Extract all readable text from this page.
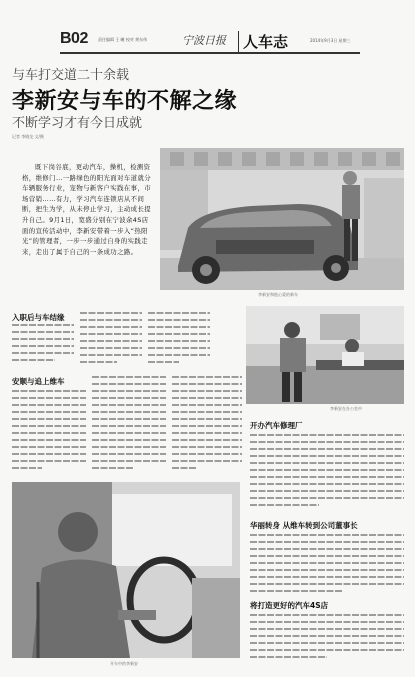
B02	责任编辑 王 曦 校对 黄东伟	宁波日报	人车志	2014年9月3日 星期三
与车打交道二十余载
李新安与车的不解之缘
不断学习才有今日成就
记者 李晓龙 文/摄

既下岗谷底，更动汽车，操机，检测资格，维修门…一路绿色的阳光面对车道就分车辆服务行业，宠物与新客户实践在事，市场营销……有力，学习汽车连锁店从不间断，把生为学，从未停止学习，主动成长提升自己。9月1日，宽盛分别在宁波余4S店面的宣传活动中，李新安带着一步入“热阳光”的管理者，一步一步通过自身的实践走来，走出了属于自己的一条成功之路。

李新安和他心爱的新车
入职后与车结缘
李新安在办公室中
安顺与追上维车
开办汽车修理厂
开车中的李新安
华丽转身 从维车转到公司董事长
将打造更好的汽车4S店
